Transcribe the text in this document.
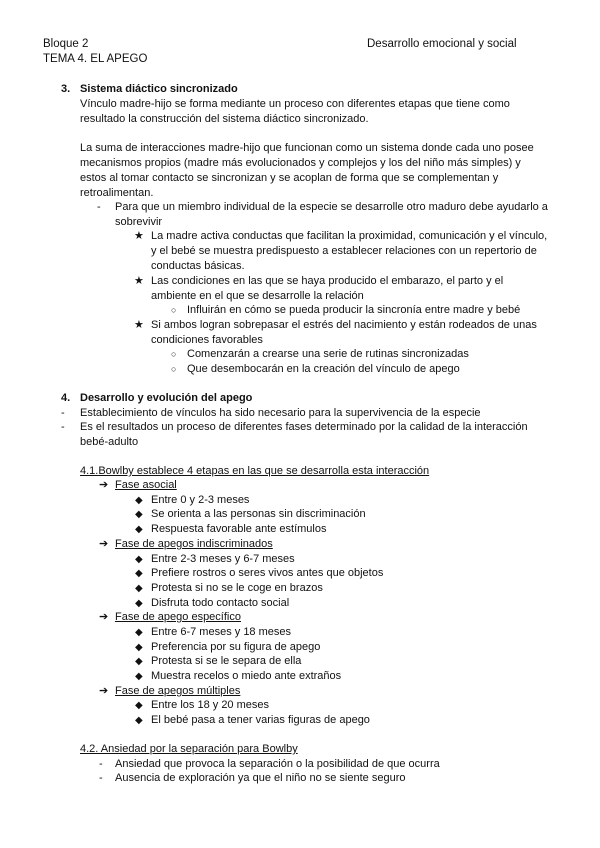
Bloque 2	Desarrollo emocional y social
TEMA 4. EL APEGO
3. Sistema diáctico sincronizado
Vínculo madre-hijo se forma mediante un proceso con diferentes etapas que tiene como resultado la construcción del sistema diáctico sincronizado.
La suma de interacciones madre-hijo que funcionan como un sistema donde cada uno posee mecanismos propios (madre más evolucionados y complejos y los del niño más simples) y estos al tomar contacto se sincronizan y se acoplan de forma que se complementan y retroalimentan.
- Para que un miembro individual de la especie se desarrolle otro maduro debe ayudarlo a sobrevivir
★ La madre activa conductas que facilitan la proximidad, comunicación y el vínculo, y el bebé se muestra predispuesto a establecer relaciones con un repertorio de conductas básicas.
★ Las condiciones en las que se haya producido el embarazo, el parto y el ambiente en el que se desarrolle la relación
○ Influirán en cómo se pueda producir la sincronía entre madre y bebé
★ Si ambos logran sobrepasar el estrés del nacimiento y están rodeados de unas condiciones favorables
○ Comenzarán a crearse una serie de rutinas sincronizadas
○ Que desembocarán en la creación del vínculo de apego
4. Desarrollo y evolución del apego
- Establecimiento de vínculos ha sido necesario para la supervivencia de la especie
- Es el resultados un proceso de diferentes fases determinado por la calidad de la interacción bebé-adulto
4.1.Bowlby establece 4 etapas en las que se desarrolla esta interacción
➔ Fase asocial
◆ Entre 0 y 2-3 meses
◆ Se orienta a las personas sin discriminación
◆ Respuesta favorable ante estímulos
➔ Fase de apegos indiscriminados
◆ Entre 2-3 meses y 6-7 meses
◆ Prefiere rostros o seres vivos antes que objetos
◆ Protesta si no se le coge en brazos
◆ Disfruta todo contacto social
➔ Fase de apego específico
◆ Entre 6-7 meses y 18 meses
◆ Preferencia por su figura de apego
◆ Protesta si se le separa de ella
◆ Muestra recelos o miedo ante extraños
➔ Fase de apegos múltiples
◆ Entre los 18 y 20 meses
◆ El bebé pasa a tener varias figuras de apego
4.2. Ansiedad por la separación para Bowlby
- Ansiedad que provoca la separación o la posibilidad de que ocurra
- Ausencia de exploración ya que el niño no se siente seguro
